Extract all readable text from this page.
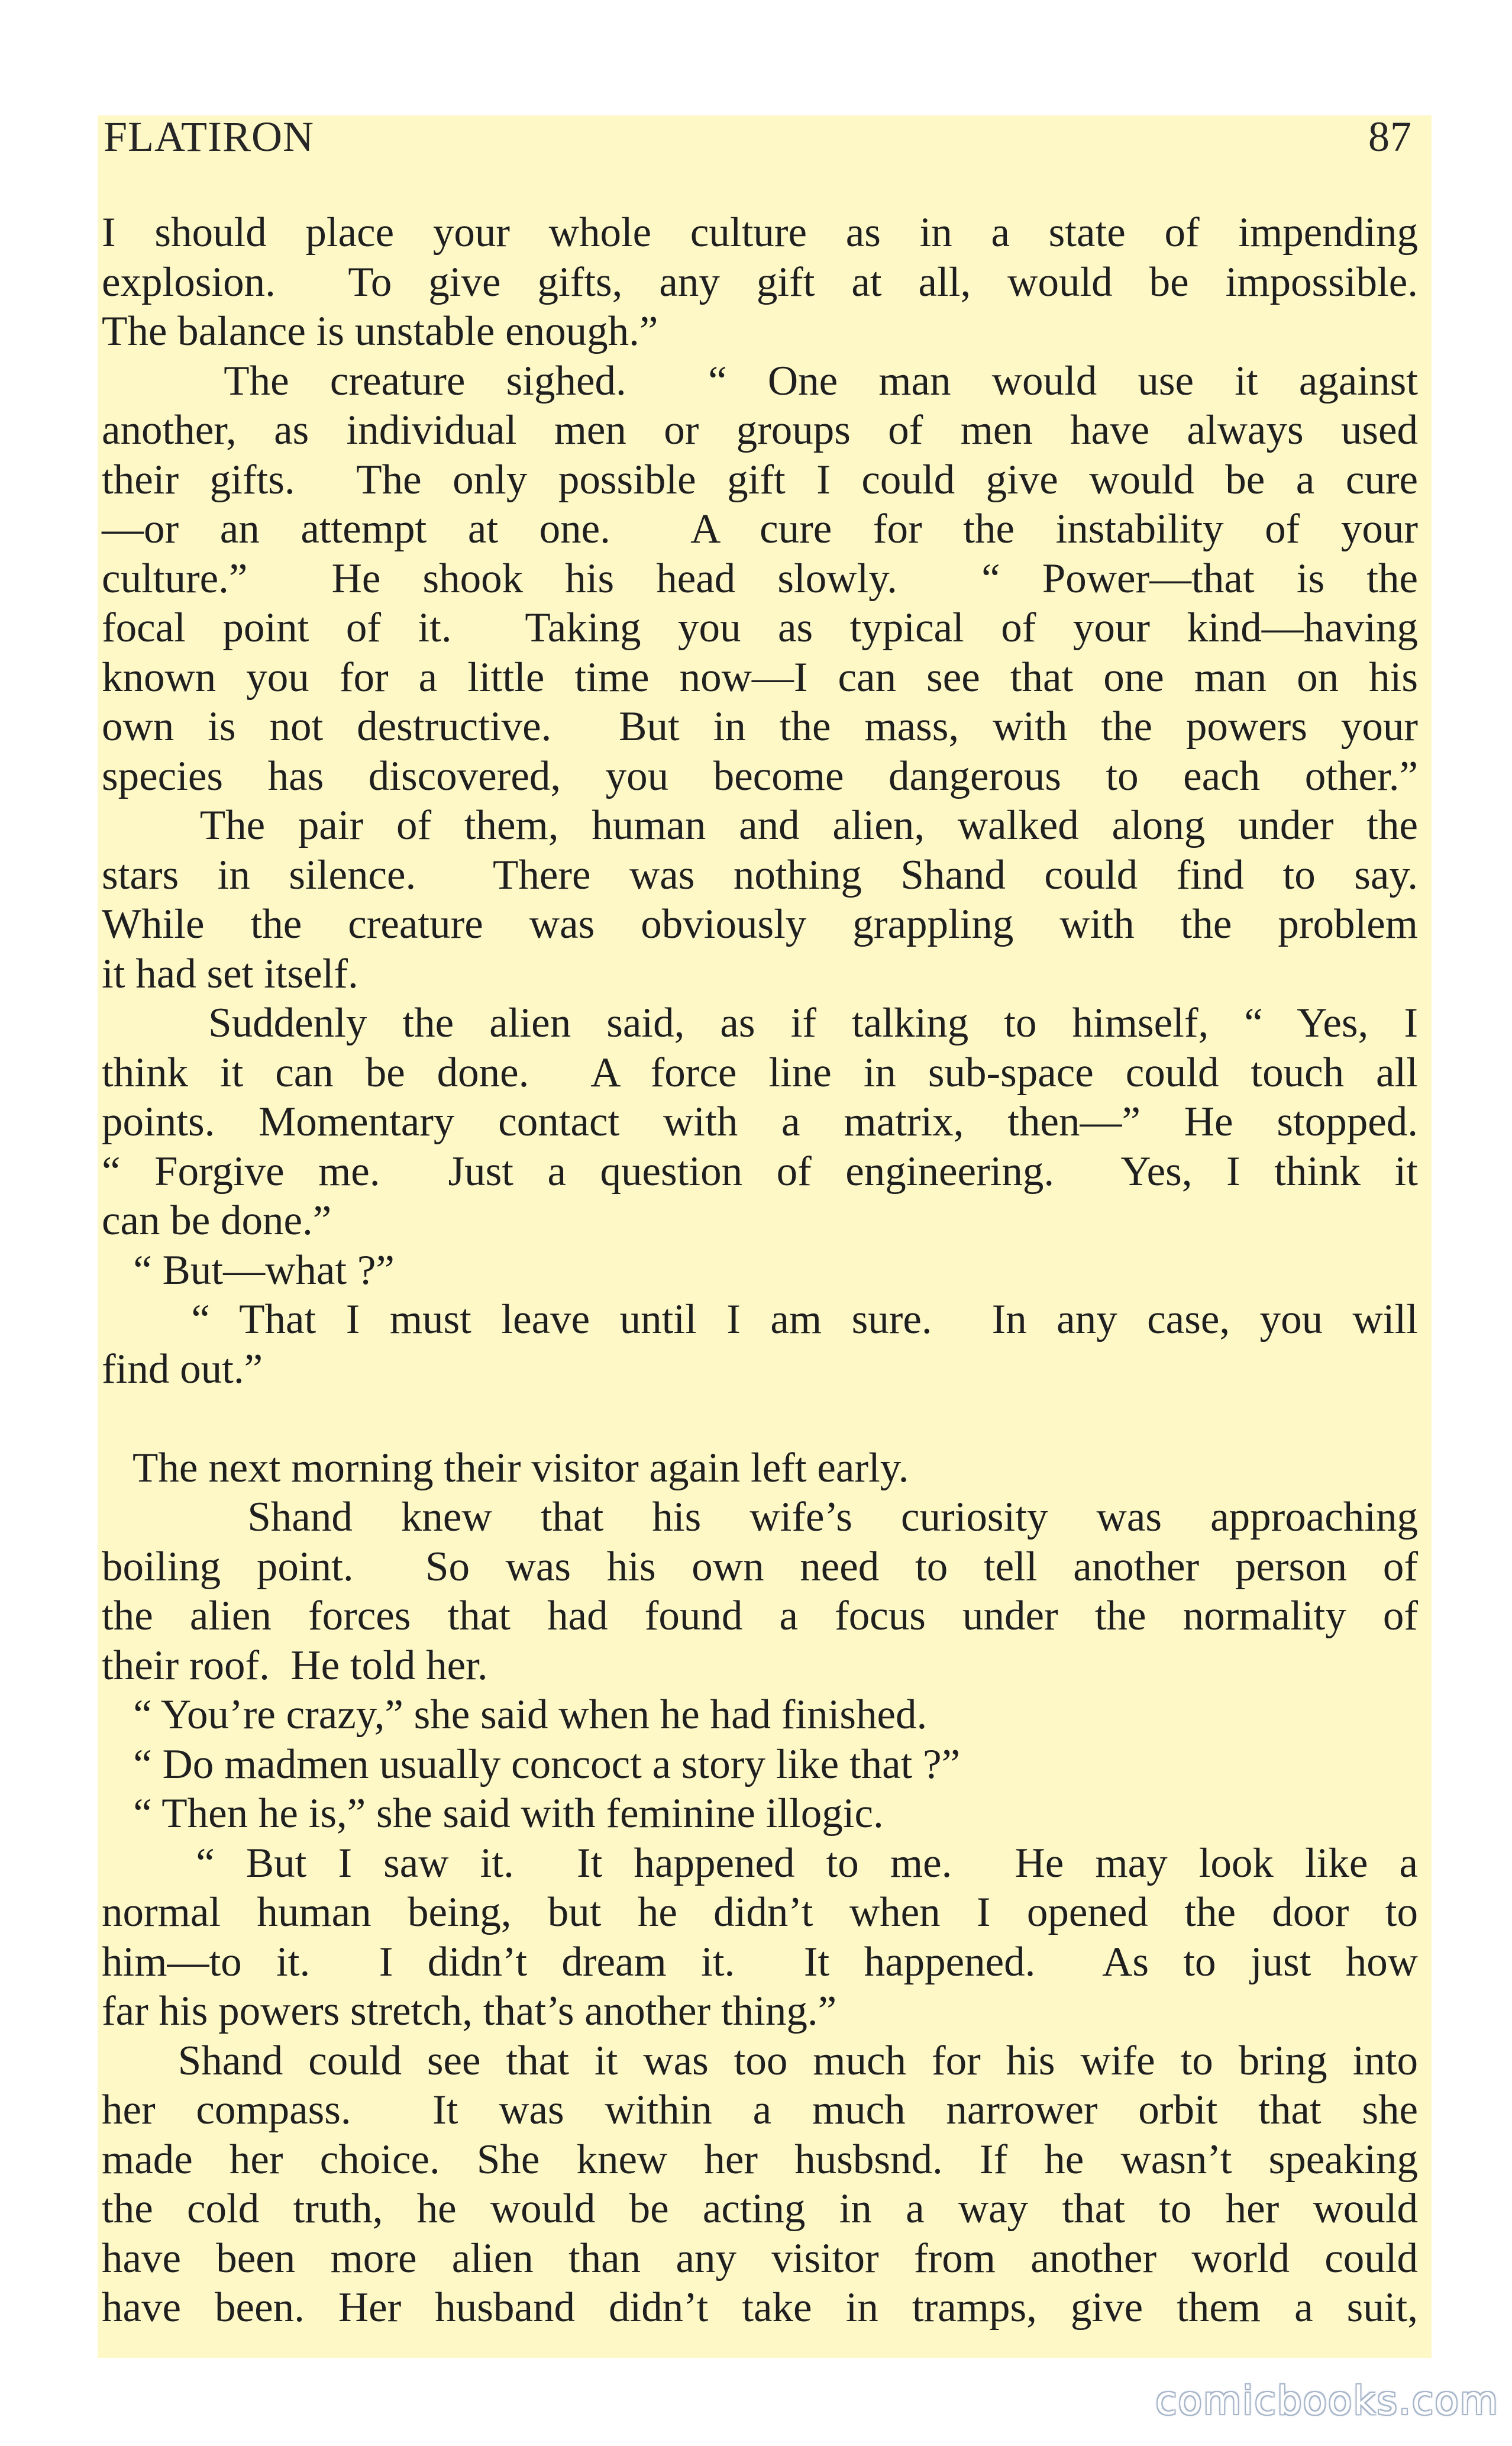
FLATIRON	87
I should place your whole culture as in a state of impending
explosion.  To give gifts, any gift at all, would be impossible.
The balance is unstable enough.”
The creature sighed.  “ One man would use it against
another, as individual men or groups of men have always used
their gifts.  The only possible gift I could give would be a cure
—or an attempt at one.  A cure for the instability of your
culture.”  He shook his head slowly.  “ Power—that is the
focal point of it.  Taking you as typical of your kind—having
known you for a little time now—I can see that one man on his
own is not destructive.  But in the mass, with the powers your
species has discovered, you become dangerous to each other.”
The pair of them, human and alien, walked along under the
stars in silence.  There was nothing Shand could find to say.
While the creature was obviously grappling with the problem
it had set itself.
Suddenly the alien said, as if talking to himself, “ Yes, I
think it can be done.  A force line in sub-space could touch all
points. Momentary contact with a matrix, then—” He stopped.
“ Forgive me.  Just a question of engineering.  Yes, I think it
can be done.”
“ But—what ?”
“ That I must leave until I am sure.  In any case, you will
find out.”
The next morning their visitor again left early.
Shand knew that his wife’s curiosity was approaching
boiling point.  So was his own need to tell another person of
the alien forces that had found a focus under the normality of
their roof.  He told her.
“ You’re crazy,” she said when he had finished.
“ Do madmen usually concoct a story like that ?”
“ Then he is,” she said with feminine illogic.
“ But I saw it.  It happened to me.  He may look like a
normal human being, but he didn’t when I opened the door to
him—to it.  I didn’t dream it.  It happened.  As to just how
far his powers stretch, that’s another thing.”
Shand could see that it was too much for his wife to bring into
her compass.  It was within a much narrower orbit that she
made her choice. She knew her husbsnd. If he wasn’t speaking
the cold truth, he would be acting in a way that to her would
have been more alien than any visitor from another world could
have been. Her husband didn’t take in tramps, give them a suit,
comicbooks.com
